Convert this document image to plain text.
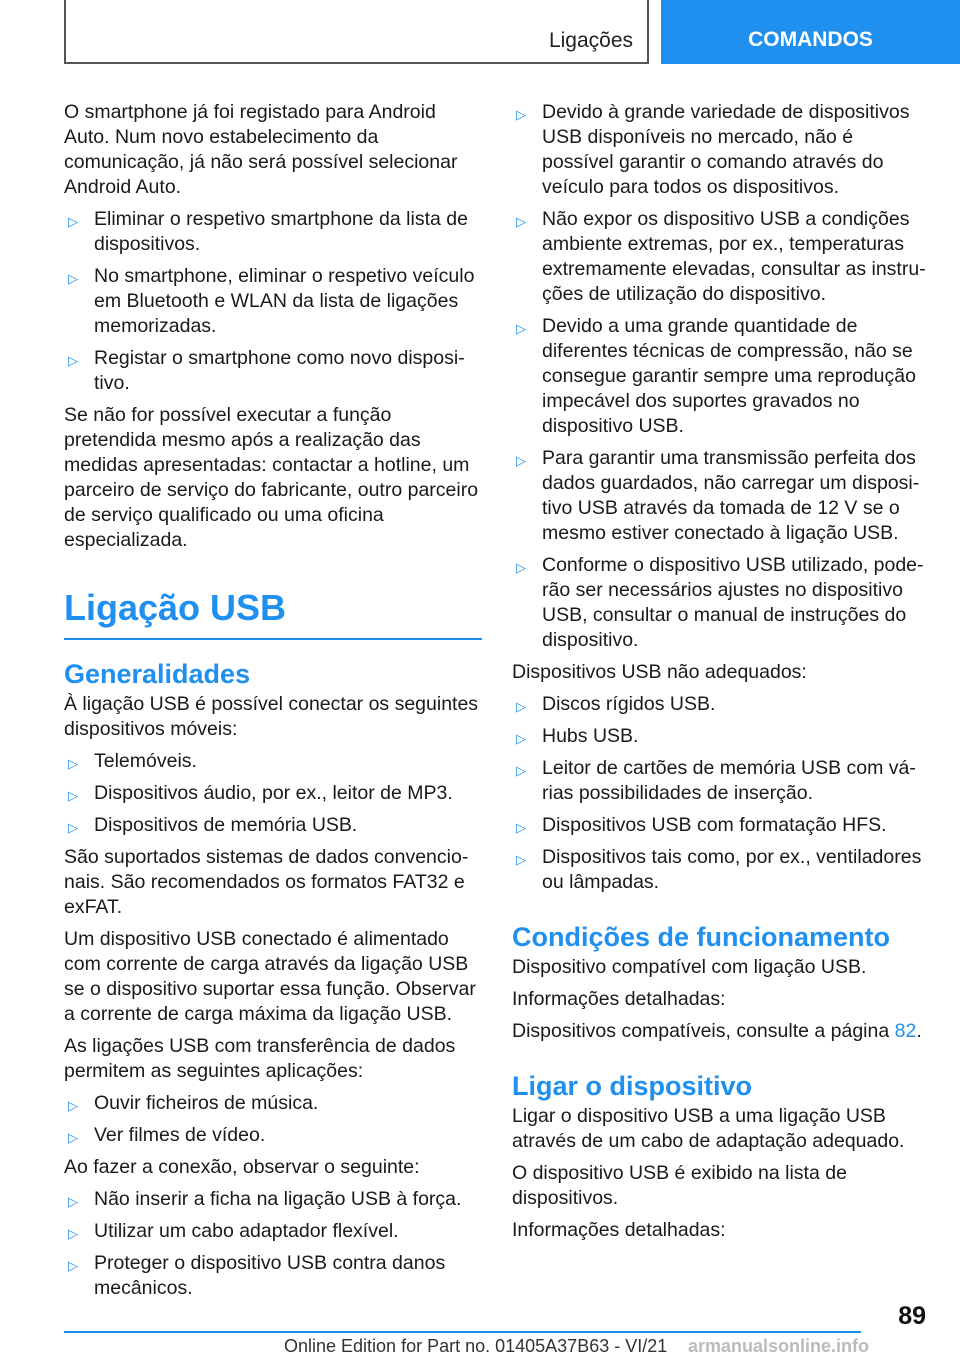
Ligações	COMANDOS

O smartphone já foi registado para Android Auto. Num novo estabelecimento da comunicação, já não será possível selecionar Android Auto.

▷ Eliminar o respetivo smartphone da lista de dispositivos.
▷ No smartphone, eliminar o respetivo veículo em Bluetooth e WLAN da lista de ligações memorizadas.
▷ Registar o smartphone como novo dispositivo.

Se não for possível executar a função pretendida mesmo após a realização das medidas apresentadas: contactar a hotline, um parceiro de serviço do fabricante, outro parceiro de serviço qualificado ou uma oficina especializada.

Ligação USB
Generalidades

À ligação USB é possível conectar os seguintes dispositivos móveis:

▷ Telemóveis.
▷ Dispositivos áudio, por ex., leitor de MP3.
▷ Dispositivos de memória USB.

São suportados sistemas de dados convencionais. São recomendados os formatos FAT32 e exFAT.

Um dispositivo USB conectado é alimentado com corrente de carga através da ligação USB se o dispositivo suportar essa função. Observar a corrente de carga máxima da ligação USB.

As ligações USB com transferência de dados permitem as seguintes aplicações:

▷ Ouvir ficheiros de música.
▷ Ver filmes de vídeo.

Ao fazer a conexão, observar o seguinte:

▷ Não inserir a ficha na ligação USB à força.
▷ Utilizar um cabo adaptador flexível.
▷ Proteger o dispositivo USB contra danos mecânicos.
▷ Devido à grande variedade de dispositivos USB disponíveis no mercado, não é possível garantir o comando através do veículo para todos os dispositivos.
▷ Não expor os dispositivo USB a condições ambiente extremas, por ex., temperaturas extremamente elevadas, consultar as instruções de utilização do dispositivo.
▷ Devido a uma grande quantidade de diferentes técnicas de compressão, não se consegue garantir sempre uma reprodução impecável dos suportes gravados no dispositivo USB.
▷ Para garantir uma transmissão perfeita dos dados guardados, não carregar um dispositivo USB através da tomada de 12 V se o mesmo estiver conectado à ligação USB.
▷ Conforme o dispositivo USB utilizado, poderão ser necessários ajustes no dispositivo USB, consultar o manual de instruções do dispositivo.

Dispositivos USB não adequados:

▷ Discos rígidos USB.
▷ Hubs USB.
▷ Leitor de cartões de memória USB com várias possibilidades de inserção.
▷ Dispositivos USB com formatação HFS.
▷ Dispositivos tais como, por ex., ventiladores ou lâmpadas.
Condições de funcionamento

Dispositivo compatível com ligação USB.

Informações detalhadas:

Dispositivos compatíveis, consulte a página 82.

Ligar o dispositivo

Ligar o dispositivo USB a uma ligação USB através de um cabo de adaptação adequado.

O dispositivo USB é exibido na lista de dispositivos.

Informações detalhadas:

89
Online Edition for Part no. 01405A37B63 - VI/21 armanualsonline.info
